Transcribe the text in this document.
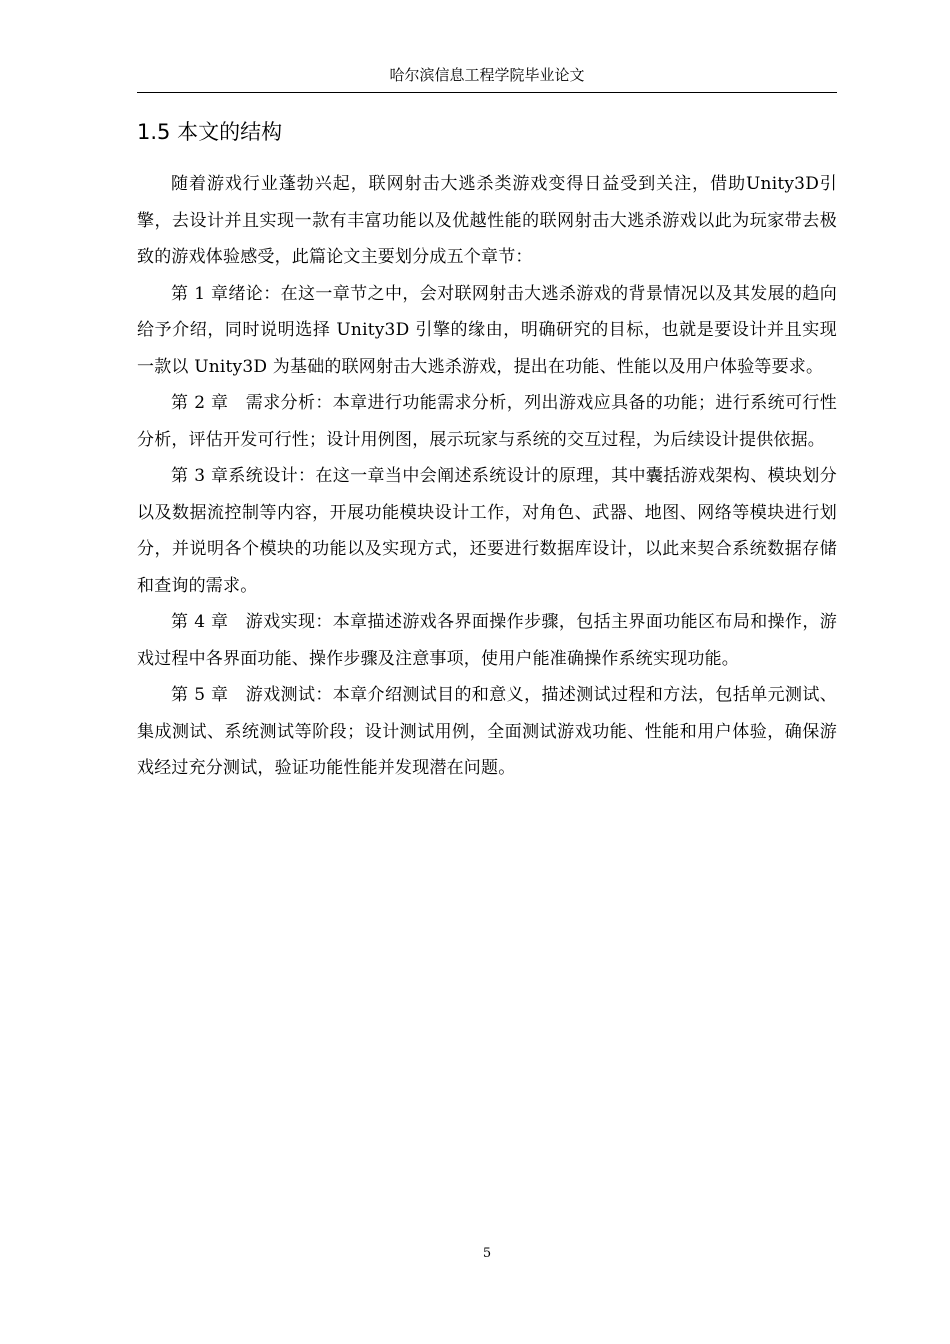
哈尔滨信息工程学院毕业论文
1.5 本文的结构

随着游戏行业蓬勃兴起，联网射击大逃杀类游戏变得日益受到关注，借助Unity3D引擎，去设计并且实现一款有丰富功能以及优越性能的联网射击大逃杀游戏以此为玩家带去极致的游戏体验感受，此篇论文主要划分成五个章节：

第 1 章绪论：在这一章节之中，会对联网射击大逃杀游戏的背景情况以及其发展的趋向给予介绍，同时说明选择 Unity3D 引擎的缘由，明确研究的目标，也就是要设计并且实现一款以 Unity3D 为基础的联网射击大逃杀游戏，提出在功能、性能以及用户体验等要求。

第 2 章　需求分析：本章进行功能需求分析，列出游戏应具备的功能；进行系统可行性分析，评估开发可行性；设计用例图，展示玩家与系统的交互过程，为后续设计提供依据。

第 3 章系统设计：在这一章当中会阐述系统设计的原理，其中囊括游戏架构、模块划分以及数据流控制等内容，开展功能模块设计工作，对角色、武器、地图、网络等模块进行划分，并说明各个模块的功能以及实现方式，还要进行数据库设计，以此来契合系统数据存储和查询的需求。

第 4 章　游戏实现：本章描述游戏各界面操作步骤，包括主界面功能区布局和操作，游戏过程中各界面功能、操作步骤及注意事项，使用户能准确操作系统实现功能。

第 5 章　游戏测试：本章介绍测试目的和意义，描述测试过程和方法，包括单元测试、集成测试、系统测试等阶段；设计测试用例，全面测试游戏功能、性能和用户体验，确保游戏经过充分测试，验证功能性能并发现潜在问题。

5
